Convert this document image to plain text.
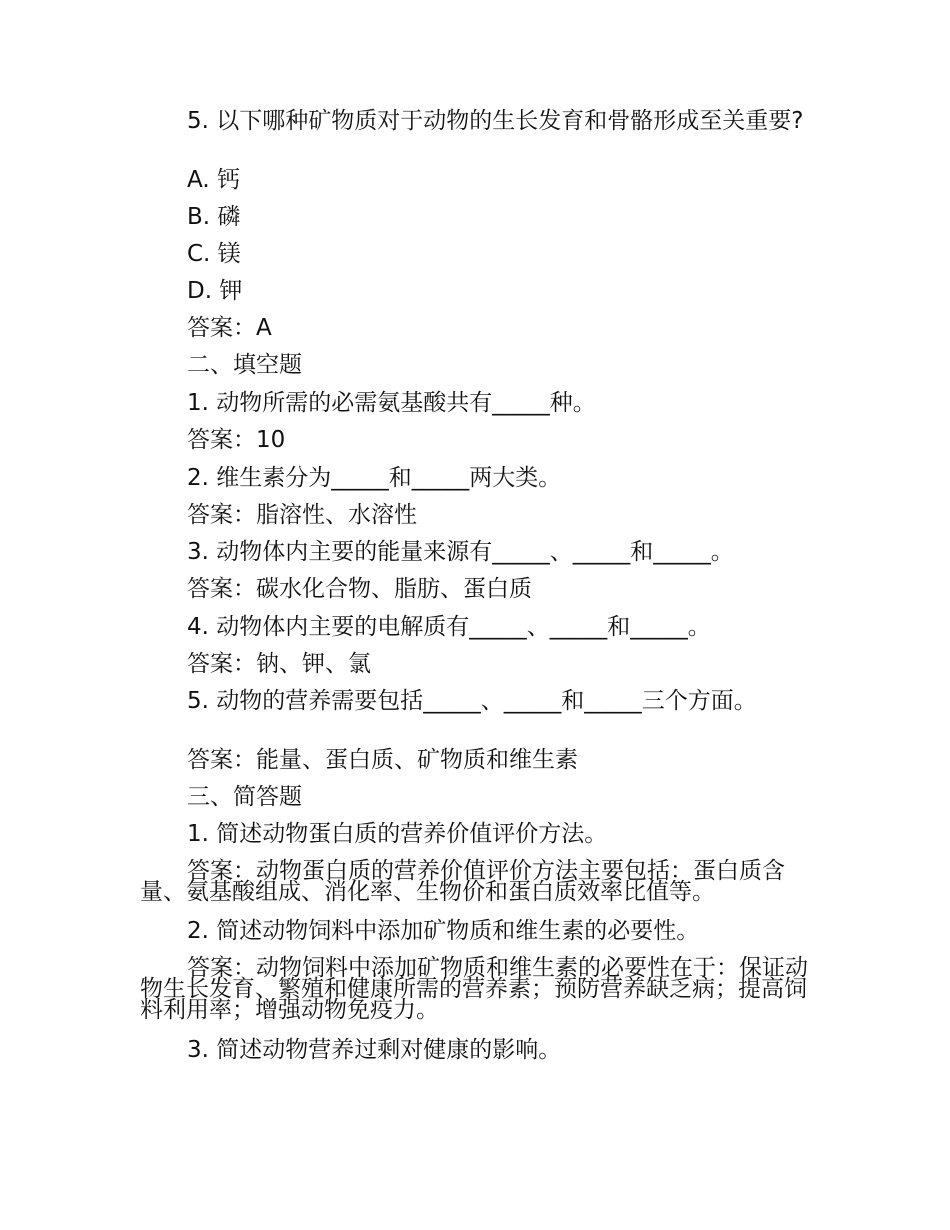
5. 以下哪种矿物质对于动物的生长发育和骨骼形成至关重要?
A. 钙
B. 磷
C. 镁
D. 钾
答案：A
二、填空题
1. 动物所需的必需氨基酸共有_____种。
答案：10
2. 维生素分为_____和_____两大类。
答案：脂溶性、水溶性
3. 动物体内主要的能量来源有_____、_____和_____。
答案：碳水化合物、脂肪、蛋白质
4. 动物体内主要的电解质有_____、_____和_____。
答案：钠、钾、氯
5. 动物的营养需要包括_____、_____和_____三个方面。
答案：能量、蛋白质、矿物质和维生素
三、简答题
1. 简述动物蛋白质的营养价值评价方法。
答案：动物蛋白质的营养价值评价方法主要包括：蛋白质含量、氨基酸组成、消化率、生物价和蛋白质效率比值等。
2. 简述动物饲料中添加矿物质和维生素的必要性。
答案：动物饲料中添加矿物质和维生素的必要性在于：保证动物生长发育、繁殖和健康所需的营养素；预防营养缺乏病；提高饲料利用率；增强动物免疫力。
3. 简述动物营养过剩对健康的影响。
